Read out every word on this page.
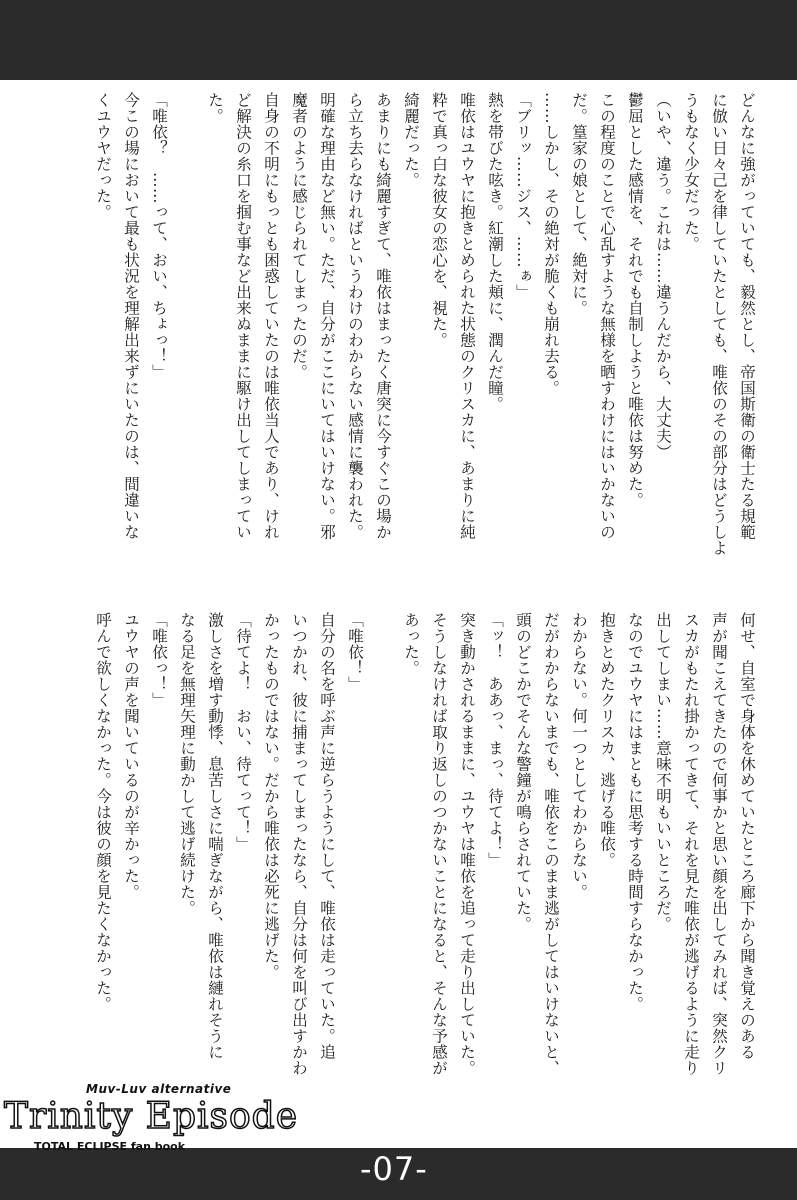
どんなに強がっていても、毅然とし、帝国斯衛の衛士たる規範
に倣い日々己を律していたとしても、唯依のその部分はどうしよ
うもなく少女だった。
（いや、違う。これは……違うんだから、大丈夫）
鬱屈とした感情を、それでも自制しようと唯依は努めた。
この程度のことで心乱すような無様を晒すわけにはいかないの
だ。篁家の娘として、絶対に。
……しかし、その絶対が脆くも崩れ去る。
「ブリッ……ジス、……ぁ」
熱を帯びた呟き。紅潮した頬に、潤んだ瞳。
唯依はユウヤに抱きとめられた状態のクリスカに、あまりに純
粋で真っ白な彼女の恋心を、視た。
綺麗だった。
あまりにも綺麗すぎて、唯依はまったく唐突に今すぐこの場か
ら立ち去らなければというわけのわからない感情に襲われた。
明確な理由など無い。ただ、自分がここにいてはいけない。邪
魔者のように感じられてしまったのだ。
自身の不明にもっとも困惑していたのは唯依当人であり、けれ
ど解決の糸口を掴む事など出来ぬままに駆け出してしまってい
た。

「唯依？　……って、おい、ちょっ！」
今この場において最も状況を理解出来ずにいたのは、間違いな
くユウヤだった。
何せ、自室で身体を休めていたところ廊下から聞き覚えのある
声が聞こえてきたので何事かと思い顔を出してみれば、突然クリ
スカがもたれ掛かってきて、それを見た唯依が逃げるように走り
出してしまい……意味不明もいいところだ。
なのでユウヤにはまともに思考する時間すらなかった。
抱きとめたクリスカ、逃げる唯依。
わからない。何一つとしてわからない。
だがわからないまでも、唯依をこのまま逃がしてはいけないと、
頭のどこかでそんな警鐘が鳴らされていた。
「ッ！　ああっ、まっ、待てよ！」
突き動かされるままに、ユウヤは唯依を追って走り出していた。
そうしなければ取り返しのつかないことになると、そんな予感が
あった。

「唯依！」
自分の名を呼ぶ声に逆らうようにして、唯依は走っていた。追
いつかれ、彼に捕まってしまったなら、自分は何を叫び出すかわ
かったものではない。だから唯依は必死に逃げた。
「待てよ！　おい、待てって！」
激しさを増す動悸、息苦しさに喘ぎながら、唯依は縺れそうに
なる足を無理矢理に動かして逃げ続けた。
「唯依っ！」
ユウヤの声を聞いているのが辛かった。
呼んで欲しくなかった。今は彼の顔を見たくなかった。
Muv-Luv alternative
Trinity Episode
TOTAL ECLIPSE fan book
-07-
